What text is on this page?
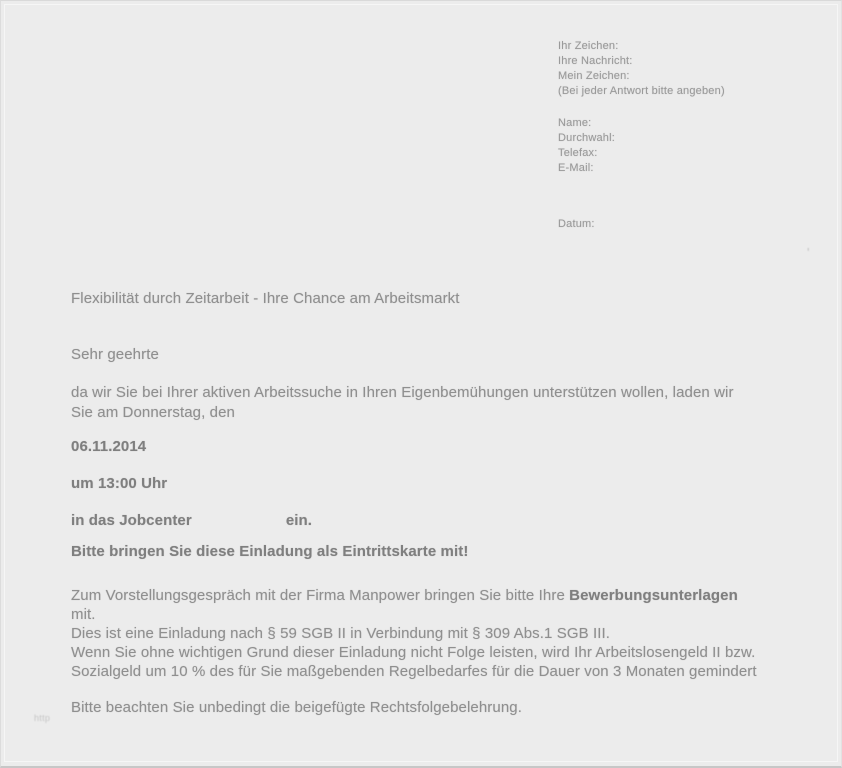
Ihr Zeichen:
Ihre Nachricht:
Mein Zeichen:
(Bei jeder Antwort bitte angeben)
Name:
Durchwahl:
Telefax:
E-Mail:
Datum:
Flexibilität durch Zeitarbeit - Ihre Chance am Arbeitsmarkt
Sehr geehrte
da wir Sie bei Ihrer aktiven Arbeitssuche in Ihren Eigenbemühungen unterstützen wollen, laden wir
Sie am Donnerstag, den
06.11.2014
um 13:00 Uhr
in das Jobcenter	ein.
Bitte bringen Sie diese Einladung als Eintrittskarte mit!
Zum Vorstellungsgespräch mit der Firma Manpower bringen Sie bitte Ihre Bewerbungsunterlagen
mit.
Dies ist eine Einladung nach § 59 SGB II in Verbindung mit § 309 Abs.1 SGB III.
Wenn Sie ohne wichtigen Grund dieser Einladung nicht Folge leisten, wird Ihr Arbeitslosengeld II bzw.
Sozialgeld um 10 % des für Sie maßgebenden Regelbedarfes für die Dauer von 3 Monaten gemindert
Bitte beachten Sie unbedingt die beigefügte Rechtsfolgebelehrung.
http
'
